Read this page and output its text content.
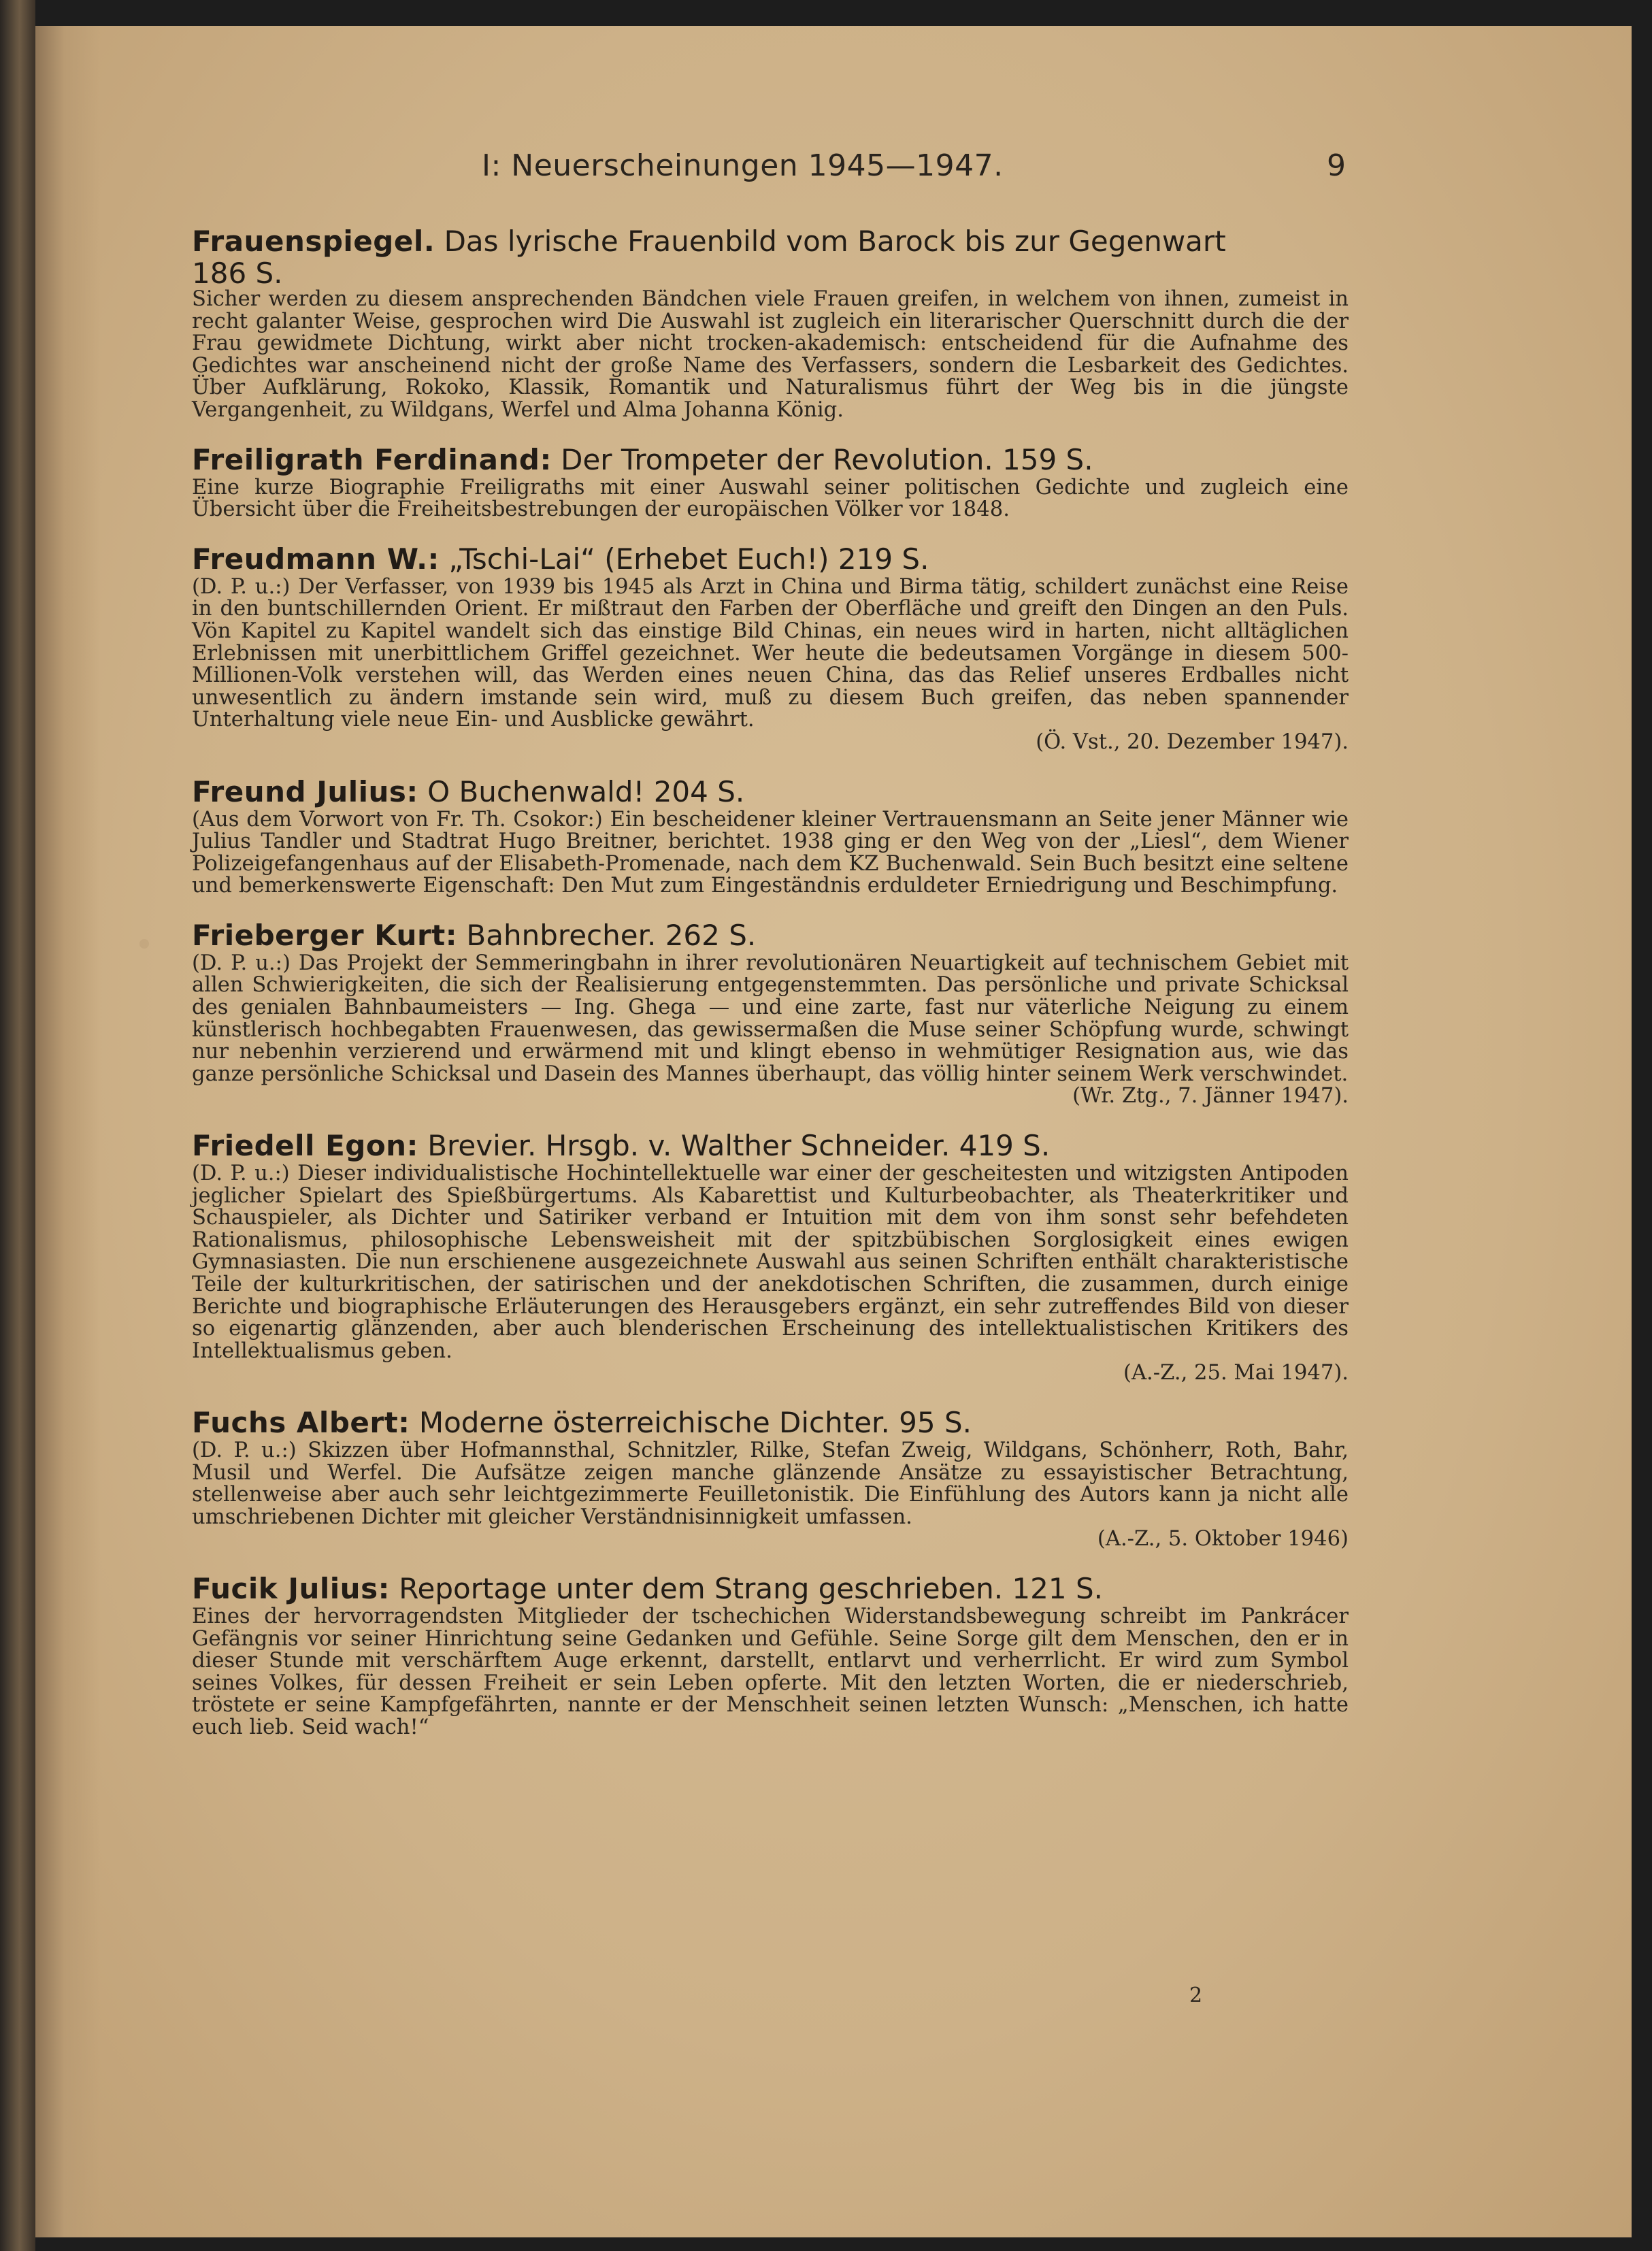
I: Neuerscheinungen 1945—1947.	9
Frauenspiegel. Das lyrische Frauenbild vom Barock bis zur Gegenwart
186 S.
Sicher werden zu diesem ansprechenden Bändchen viele Frauen greifen, in welchem von ihnen, zumeist in recht galanter Weise, gesprochen wird Die Auswahl ist zugleich ein literarischer Querschnitt durch die der Frau gewidmete Dichtung, wirkt aber nicht trocken-akademisch: entscheidend für die Aufnahme des Gedichtes war anscheinend nicht der große Name des Verfassers, sondern die Lesbarkeit des Gedichtes. Über Aufklärung, Rokoko, Klassik, Romantik und Naturalismus führt der Weg bis in die jüngste Vergangenheit, zu Wildgans, Werfel und Alma Johanna König.
Freiligrath Ferdinand: Der Trompeter der Revolution. 159 S.
Eine kurze Biographie Freiligraths mit einer Auswahl seiner politischen Gedichte und zugleich eine Übersicht über die Freiheitsbestrebungen der europäischen Völker vor 1848.
Freudmann W.: „Tschi-Lai“ (Erhebet Euch!) 219 S.
(D. P. u.:) Der Verfasser, von 1939 bis 1945 als Arzt in China und Birma tätig, schildert zunächst eine Reise in den buntschillernden Orient. Er mißtraut den Farben der Oberfläche und greift den Dingen an den Puls. Vön Kapitel zu Kapitel wandelt sich das einstige Bild Chinas, ein neues wird in harten, nicht alltäglichen Erlebnissen mit unerbittlichem Griffel gezeichnet. Wer heute die bedeutsamen Vorgänge in diesem 500-Millionen-Volk verstehen will, das Werden eines neuen China, das das Relief unseres Erdballes nicht unwesentlich zu ändern imstande sein wird, muß zu diesem Buch greifen, das neben spannender Unterhaltung viele neue Ein- und Ausblicke gewährt.
(Ö. Vst., 20. Dezember 1947).
Freund Julius: O Buchenwald! 204 S.
(Aus dem Vorwort von Fr. Th. Csokor:) Ein bescheidener kleiner Vertrauensmann an Seite jener Männer wie Julius Tandler und Stadtrat Hugo Breitner, berichtet. 1938 ging er den Weg von der „Liesl“, dem Wiener Polizeigefangenhaus auf der Elisabeth-Promenade, nach dem KZ Buchenwald. Sein Buch besitzt eine seltene und bemerkenswerte Eigenschaft: Den Mut zum Eingeständnis erduldeter Erniedrigung und Beschimpfung.
Frieberger Kurt: Bahnbrecher. 262 S.
(D. P. u.:) Das Projekt der Semmeringbahn in ihrer revolutionären Neuartigkeit auf technischem Gebiet mit allen Schwierigkeiten, die sich der Realisierung entgegenstemmten. Das persönliche und private Schicksal des genialen Bahnbaumeisters — Ing. Ghega — und eine zarte, fast nur väterliche Neigung zu einem künstlerisch hochbegabten Frauenwesen, das gewissermaßen die Muse seiner Schöpfung wurde, schwingt nur nebenhin verzierend und erwärmend mit und klingt ebenso in wehmütiger Resignation aus, wie das ganze persönliche Schicksal und Dasein des Mannes überhaupt, das völlig hinter seinem Werk verschwindet.
(Wr. Ztg., 7. Jänner 1947).
Friedell Egon: Brevier. Hrsgb. v. Walther Schneider. 419 S.
(D. P. u.:) Dieser individualistische Hochintellektuelle war einer der gescheitesten und witzigsten Antipoden jeglicher Spielart des Spießbürgertums. Als Kabarettist und Kulturbeobachter, als Theaterkritiker und Schauspieler, als Dichter und Satiriker verband er Intuition mit dem von ihm sonst sehr befehdeten Rationalismus, philosophische Lebensweisheit mit der spitzbübischen Sorglosigkeit eines ewigen Gymnasiasten. Die nun erschienene ausgezeichnete Auswahl aus seinen Schriften enthält charakteristische Teile der kulturkritischen, der satirischen und der anekdotischen Schriften, die zusammen, durch einige Berichte und biographische Erläuterungen des Herausgebers ergänzt, ein sehr zutreffendes Bild von dieser so eigenartig glänzenden, aber auch blenderischen Erscheinung des intellektualistischen Kritikers des Intellektualismus geben.
(A.-Z., 25. Mai 1947).
Fuchs Albert: Moderne österreichische Dichter. 95 S.
(D. P. u.:) Skizzen über Hofmannsthal, Schnitzler, Rilke, Stefan Zweig, Wildgans, Schönherr, Roth, Bahr, Musil und Werfel. Die Aufsätze zeigen manche glänzende Ansätze zu essayistischer Betrachtung, stellenweise aber auch sehr leichtgezimmerte Feuilletonistik. Die Einfühlung des Autors kann ja nicht alle umschriebenen Dichter mit gleicher Verständnisinnigkeit umfassen.
(A.-Z., 5. Oktober 1946)
Fucik Julius: Reportage unter dem Strang geschrieben. 121 S.
Eines der hervorragendsten Mitglieder der tschechichen Widerstandsbewegung schreibt im Pankrácer Gefängnis vor seiner Hinrichtung seine Gedanken und Gefühle. Seine Sorge gilt dem Menschen, den er in dieser Stunde mit verschärftem Auge erkennt, darstellt, entlarvt und verherrlicht. Er wird zum Symbol seines Volkes, für dessen Freiheit er sein Leben opferte. Mit den letzten Worten, die er niederschrieb, tröstete er seine Kampfgefährten, nannte er der Menschheit seinen letzten Wunsch: „Menschen, ich hatte euch lieb. Seid wach!“
2
